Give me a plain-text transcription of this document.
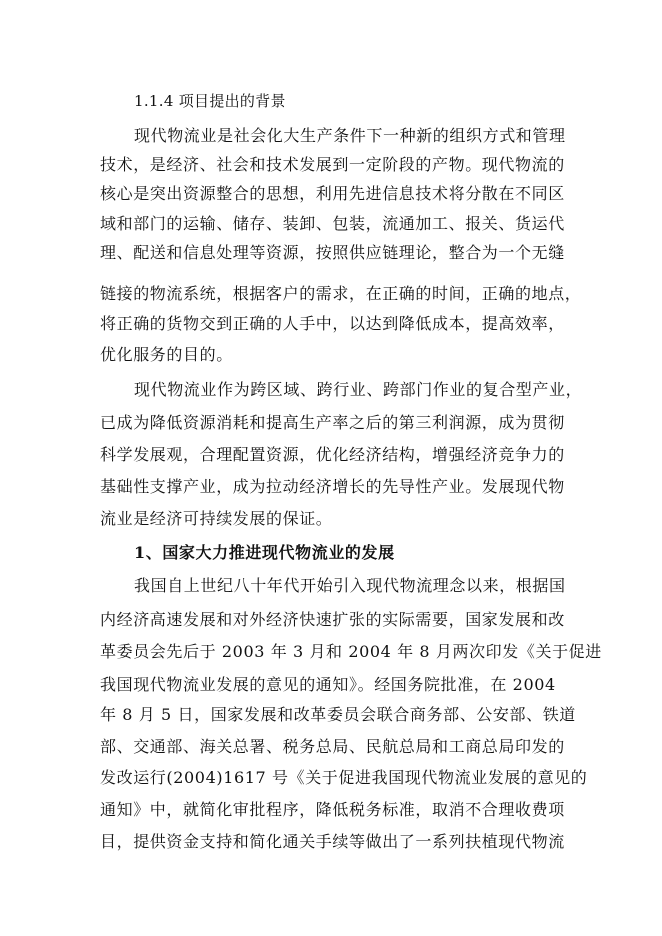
1.1.4 项目提出的背景
现代物流业是社会化大生产条件下一种新的组织方式和管理
技术，是经济、社会和技术发展到一定阶段的产物。现代物流的
核心是突出资源整合的思想，利用先进信息技术将分散在不同区
域和部门的运输、储存、装卸、包装，流通加工、报关、货运代
理、配送和信息处理等资源，按照供应链理论，整合为一个无缝
链接的物流系统，根据客户的需求，在正确的时间，正确的地点，
将正确的货物交到正确的人手中，以达到降低成本，提高效率，
优化服务的目的。
现代物流业作为跨区域、跨行业、跨部门作业的复合型产业，
已成为降低资源消耗和提高生产率之后的第三利润源，成为贯彻
科学发展观，合理配置资源，优化经济结构，增强经济竞争力的
基础性支撑产业，成为拉动经济增长的先导性产业。发展现代物
流业是经济可持续发展的保证。
1、国家大力推进现代物流业的发展
我国自上世纪八十年代开始引入现代物流理念以来，根据国
内经济高速发展和对外经济快速扩张的实际需要，国家发展和改
革委员会先后于 2003 年 3 月和 2004 年 8 月两次印发《关于促进
我国现代物流业发展的意见的通知》。经国务院批准，在 2004
年 8 月 5 日，国家发展和改革委员会联合商务部、公安部、铁道
部、交通部、海关总署、税务总局、民航总局和工商总局印发的
发改运行(2004)1617 号《关于促进我国现代物流业发展的意见的
通知》中，就简化审批程序，降低税务标准，取消不合理收费项
目，提供资金支持和简化通关手续等做出了一系列扶植现代物流
